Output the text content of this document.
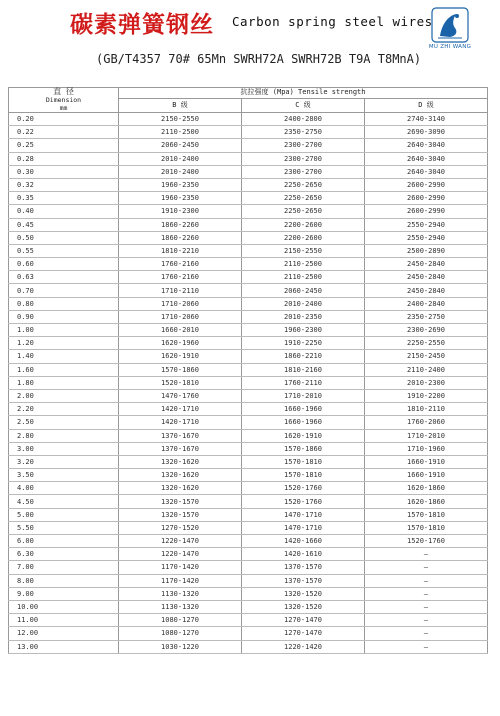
碳素弹簧钢丝 Carbon spring steel wires
(GB/T4357 70# 65Mn SWRH72A SWRH72B T9A T8MnA)
MU ZHI WANG
直 径
Dimension
mm	抗拉强度 (Mpa) Tensile strength		
	B 级	C 级	D 级
0.20	2150-2550	2400-2800	2740-3140
0.22	2110-2500	2350-2750	2690-3090
0.25	2060-2450	2300-2700	2640-3040
0.28	2010-2400	2300-2700	2640-3040
0.30	2010-2400	2300-2700	2640-3040
0.32	1960-2350	2250-2650	2600-2990
0.35	1960-2350	2250-2650	2600-2990
0.40	1910-2300	2250-2650	2600-2990
0.45	1860-2260	2200-2600	2550-2940
0.50	1860-2260	2200-2600	2550-2940
0.55	1810-2210	2150-2550	2500-2890
0.60	1760-2160	2110-2500	2450-2840
0.63	1760-2160	2110-2500	2450-2840
0.70	1710-2110	2060-2450	2450-2840
0.80	1710-2060	2010-2400	2400-2840
0.90	1710-2060	2010-2350	2350-2750
1.00	1660-2010	1960-2300	2300-2690
1.20	1620-1960	1910-2250	2250-2550
1.40	1620-1910	1860-2210	2150-2450
1.60	1570-1860	1810-2160	2110-2400
1.80	1520-1810	1760-2110	2010-2300
2.00	1470-1760	1710-2010	1910-2200
2.20	1420-1710	1660-1960	1810-2110
2.50	1420-1710	1660-1960	1760-2060
2.80	1370-1670	1620-1910	1710-2010
3.00	1370-1670	1570-1860	1710-1960
3.20	1320-1620	1570-1810	1660-1910
3.50	1320-1620	1570-1810	1660-1910
4.00	1320-1620	1520-1760	1620-1860
4.50	1320-1570	1520-1760	1620-1860
5.00	1320-1570	1470-1710	1570-1810
5.50	1270-1520	1470-1710	1570-1810
6.00	1220-1470	1420-1660	1520-1760
6.30	1220-1470	1420-1610	–
7.00	1170-1420	1370-1570	–
8.00	1170-1420	1370-1570	–
9.00	1130-1320	1320-1520	–
10.00	1130-1320	1320-1520	–
11.00	1080-1270	1270-1470	–
12.00	1080-1270	1270-1470	–
13.00	1030-1220	1220-1420	–
